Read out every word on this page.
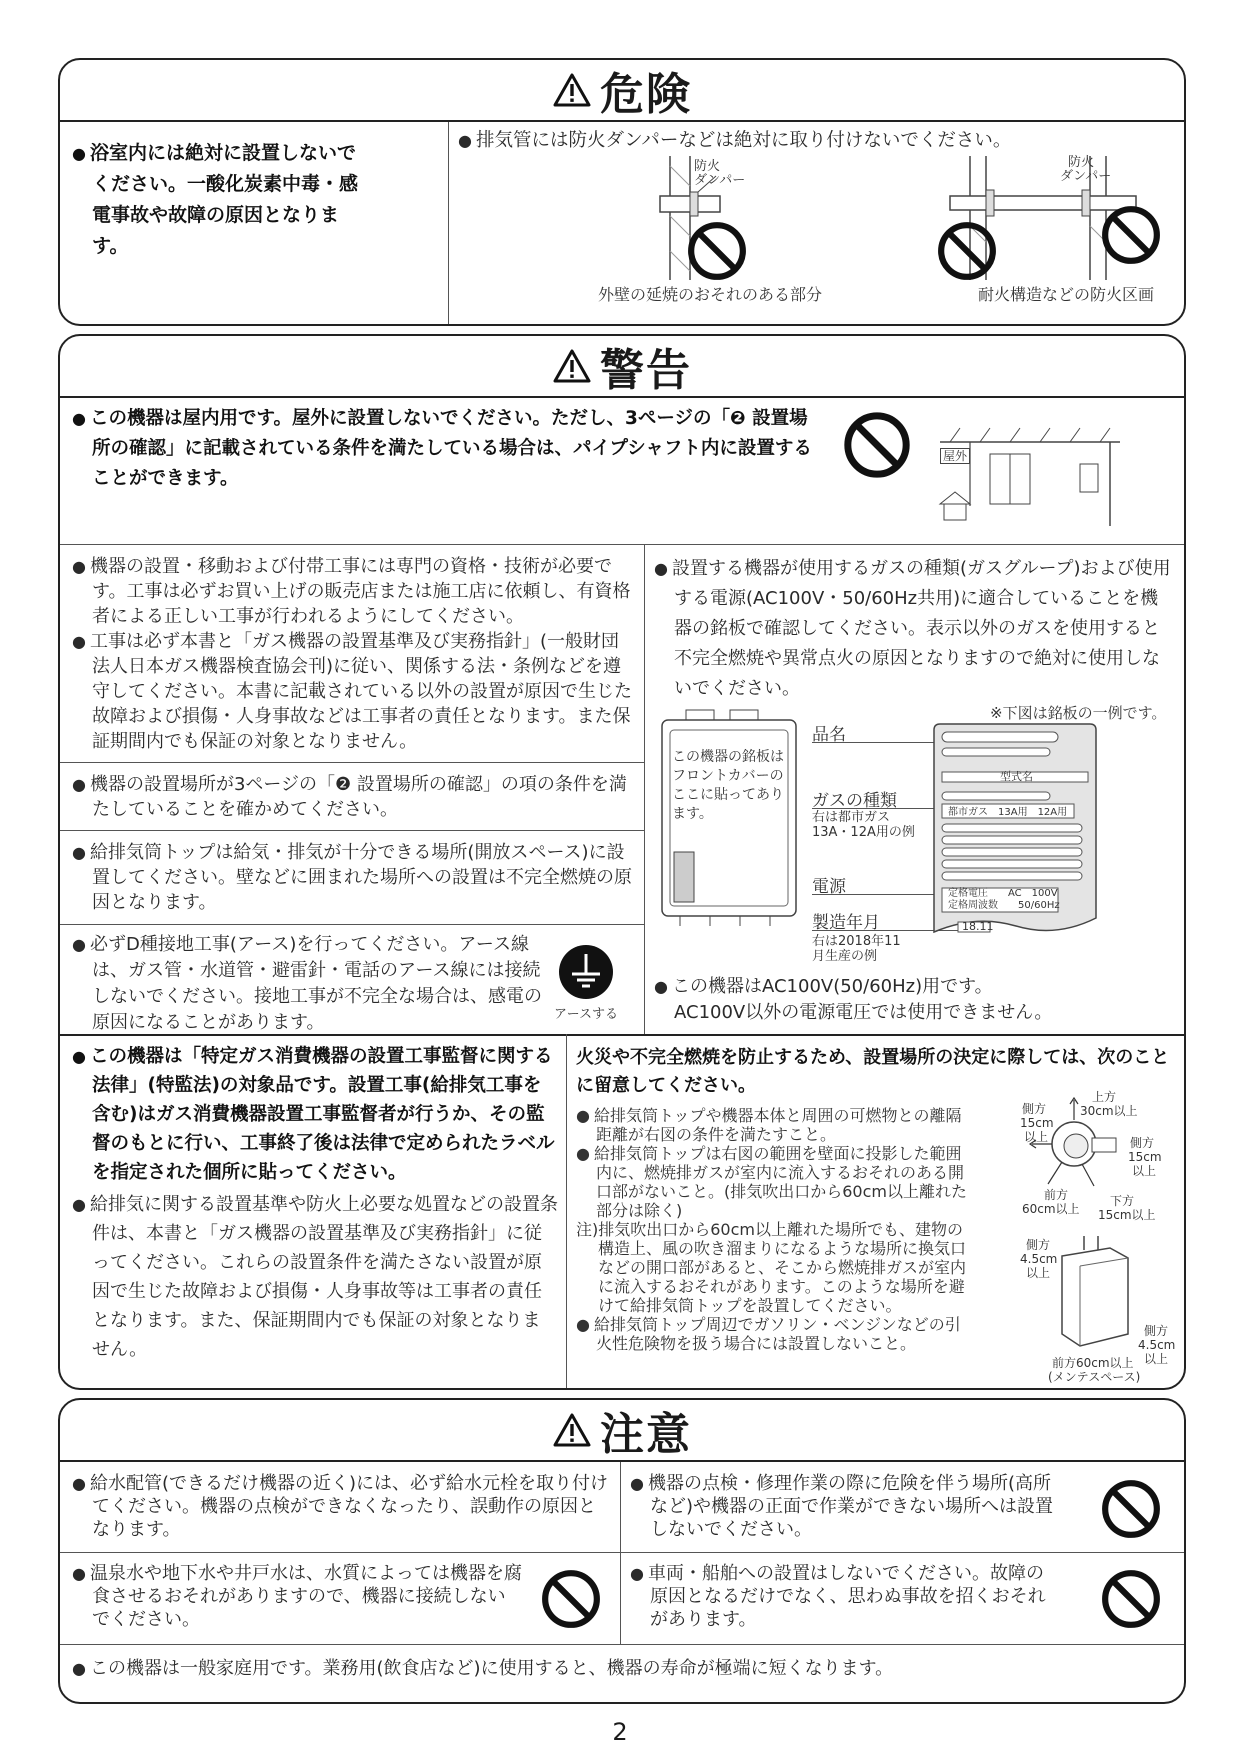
危険

● 浴室内には絶対に設置しないでください。一酸化炭素中毒・感電事故や故障の原因となります。

● 排気管には防火ダンパーなどは絶対に取り付けないでください。

防火
ダンパー
外壁の延焼のおそれのある部分
防火
ダンパー
耐火構造などの防火区画
警告

● この機器は屋内用です。屋外に設置しないでください。ただし、3ページの「❷ 設置場所の確認」に記載されている条件を満たしている場合は、パイプシャフト内に設置することができます。

屋外

● 機器の設置・移動および付帯工事には専門の資格・技術が必要です。工事は必ずお買い上げの販売店または施工店に依頼し、有資格者による正しい工事が行われるようにしてください。
● 工事は必ず本書と「ガス機器の設置基準及び実務指針」(一般財団法人日本ガス機器検査協会刊)に従い、関係する法・条例などを遵守してください。本書に記載されている以外の設置が原因で生じた故障および損傷・人身事故などは工事者の責任となります。また保証期間内でも保証の対象となりません。

● 機器の設置場所が3ページの「❷ 設置場所の確認」の項の条件を満たしていることを確かめてください。

● 給排気筒トップは給気・排気が十分できる場所(開放スペース)に設置してください。壁などに囲まれた場所への設置は不完全燃焼の原因となります。

● 必ずD種接地工事(アース)を行ってください。アース線は、ガス管・水道管・避雷針・電話のアース線には接続しないでください。接地工事が不完全な場合は、感電の原因になることがあります。	アースする

● 設置する機器が使用するガスの種類(ガスグループ)および使用する電源(AC100V・50/60Hz共用)に適合していることを機器の銘板で確認してください。表示以外のガスを使用すると不完全燃焼や異常点火の原因となりますので絶対に使用しないでください。

※下図は銘板の一例です。

この機器の銘板はフロントカバーのここに貼ってあります。

品名
ガスの種類

右は都市ガス13A・12A用の例

電源
製造年月

右は2018年11月生産の例

型式名
都市ガス　13A用　12A用
定格電圧　　AC　100V
定格周波数　　50/60Hz
18.11

● この機器はAC100V(50/60Hz)用です。
AC100V以外の電源電圧では使用できません。

● この機器は「特定ガス消費機器の設置工事監督に関する法律」(特監法)の対象品です。設置工事(給排気工事を含む)はガス消費機器設置工事監督者が行うか、その監督のもとに行い、工事終了後は法律で定められたラベルを指定された個所に貼ってください。

● 給排気に関する設置基準や防火上必要な処置などの設置条件は、本書と「ガス機器の設置基準及び実務指針」に従ってください。これらの設置条件を満たさない設置が原因で生じた故障および損傷・人身事故等は工事者の責任となります。また、保証期間内でも保証の対象となりません。

火災や不完全燃焼を防止するため、設置場所の決定に際しては、次のことに留意してください。

● 給排気筒トップや機器本体と周囲の可燃物との離隔距離が右図の条件を満たすこと。
● 給排気筒トップは右図の範囲を壁面に投影した範囲内に、燃焼排ガスが室内に流入するおそれのある開口部がないこと。(排気吹出口から60cm以上離れた部分は除く)
注)排気吹出口から60cm以上離れた場所でも、建物の構造上、風の吹き溜まりになるような場所に換気口などの開口部があると、そこから燃焼排ガスが室内に流入するおそれがあります。このような場所を避けて給排気筒トップを設置してください。
● 給排気筒トップ周辺でガソリン・ベンジンなどの引火性危険物を扱う場合には設置しないこと。

上方
30cm以上
側方
15cm
以上	側方
15cm
以上
前方
60cm以上
下方
15cm以上
側方
4.5cm
以上
側方
4.5cm
以上
前方60cm以上
(メンテスペース)
注意

● 給水配管(できるだけ機器の近く)には、必ず給水元栓を取り付けてください。機器の点検ができなくなったり、誤動作の原因となります。

● 機器の点検・修理作業の際に危険を伴う場所(高所など)や機器の正面で作業ができない場所へは設置しないでください。

● 温泉水や地下水や井戸水は、水質によっては機器を腐食させるおそれがありますので、機器に接続しないでください。

● 車両・船舶への設置はしないでください。故障の原因となるだけでなく、思わぬ事故を招くおそれがあります。

● この機器は一般家庭用です。業務用(飲食店など)に使用すると、機器の寿命が極端に短くなります。

2
